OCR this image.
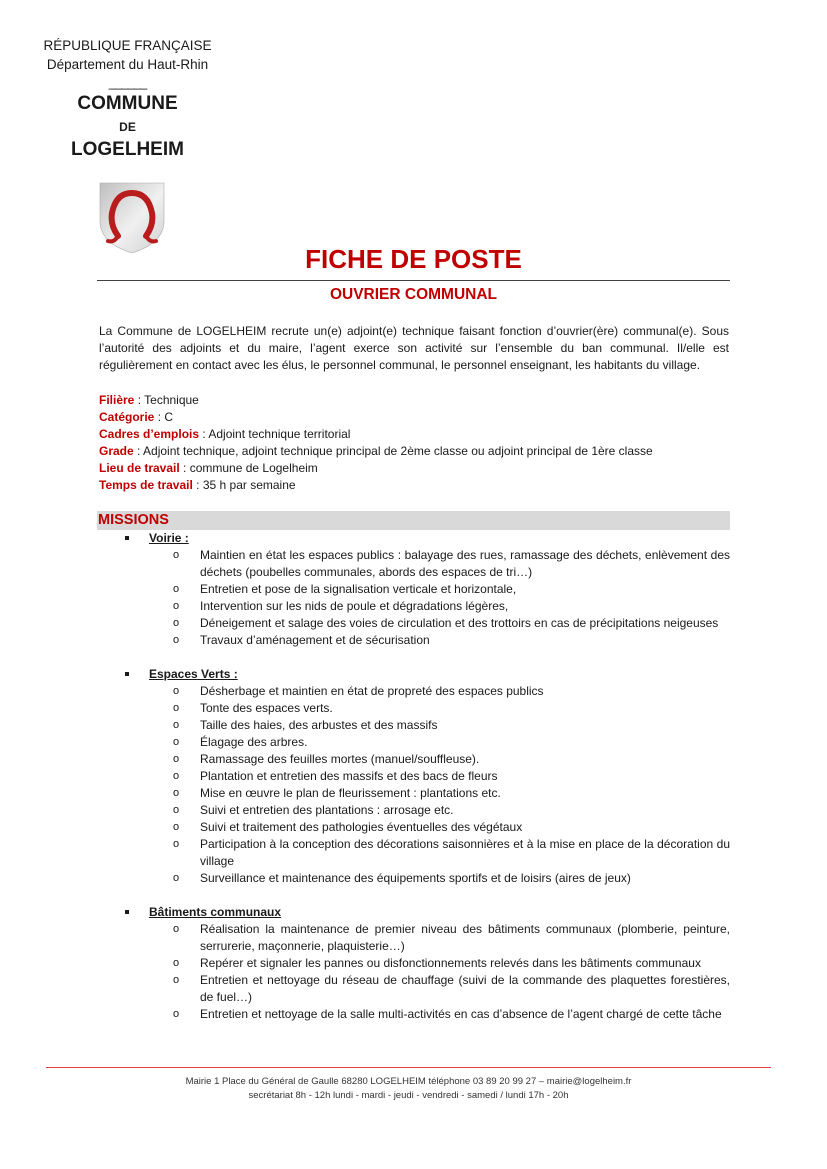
RÉPUBLIQUE FRANÇAISE
Département du Haut-Rhin
______
COMMUNE
DE
LOGELHEIM
FICHE DE POSTE
OUVRIER COMMUNAL
La Commune de LOGELHEIM recrute un(e) adjoint(e) technique faisant fonction d’ouvrier(ère) communal(e). Sous l’autorité des adjoints et du maire, l’agent exerce son activité sur l’ensemble du ban communal. Il/elle est régulièrement en contact avec les élus, le personnel communal, le personnel enseignant, les habitants du village.
Filière : Technique
Catégorie : C
Cadres d’emplois : Adjoint technique territorial
Grade : Adjoint technique, adjoint technique principal de 2ème classe ou adjoint principal de 1ère classe
Lieu de travail : commune de Logelheim
Temps de travail : 35 h par semaine
MISSIONS
Voirie :
o Maintien en état les espaces publics : balayage des rues, ramassage des déchets, enlèvement des déchets (poubelles communales, abords des espaces de tri…)
o Entretien et pose de la signalisation verticale et horizontale,
o Intervention sur les nids de poule et dégradations légères,
o Déneigement et salage des voies de circulation et des trottoirs en cas de précipitations neigeuses
o Travaux d’aménagement et de sécurisation
Espaces Verts :
o Désherbage et maintien en état de propreté des espaces publics
o Tonte des espaces verts.
o Taille des haies, des arbustes et des massifs
o Élagage des arbres.
o Ramassage des feuilles mortes (manuel/souffleuse).
o Plantation et entretien des massifs et des bacs de fleurs
o Mise en œuvre le plan de fleurissement : plantations etc.
o Suivi et entretien des plantations : arrosage etc.
o Suivi et traitement des pathologies éventuelles des végétaux
o Participation à la conception des décorations saisonnières et à la mise en place de la décoration du village
o Surveillance et maintenance des équipements sportifs et de loisirs (aires de jeux)
Bâtiments communaux
o Réalisation la maintenance de premier niveau des bâtiments communaux (plomberie, peinture, serrurerie, maçonnerie, plaquisterie…)
o Repérer et signaler les pannes ou disfonctionnements relevés dans les bâtiments communaux
o Entretien et nettoyage du réseau de chauffage (suivi de la commande des plaquettes forestières, de fuel…)
o Entretien et nettoyage de la salle multi-activités en cas d’absence de l’agent chargé de cette tâche
Mairie 1 Place du Général de Gaulle 68280 LOGELHEIM téléphone 03 89 20 99 27 – mairie@logelheim.fr
secrétariat 8h - 12h lundi - mardi - jeudi - vendredi - samedi / lundi 17h - 20h
